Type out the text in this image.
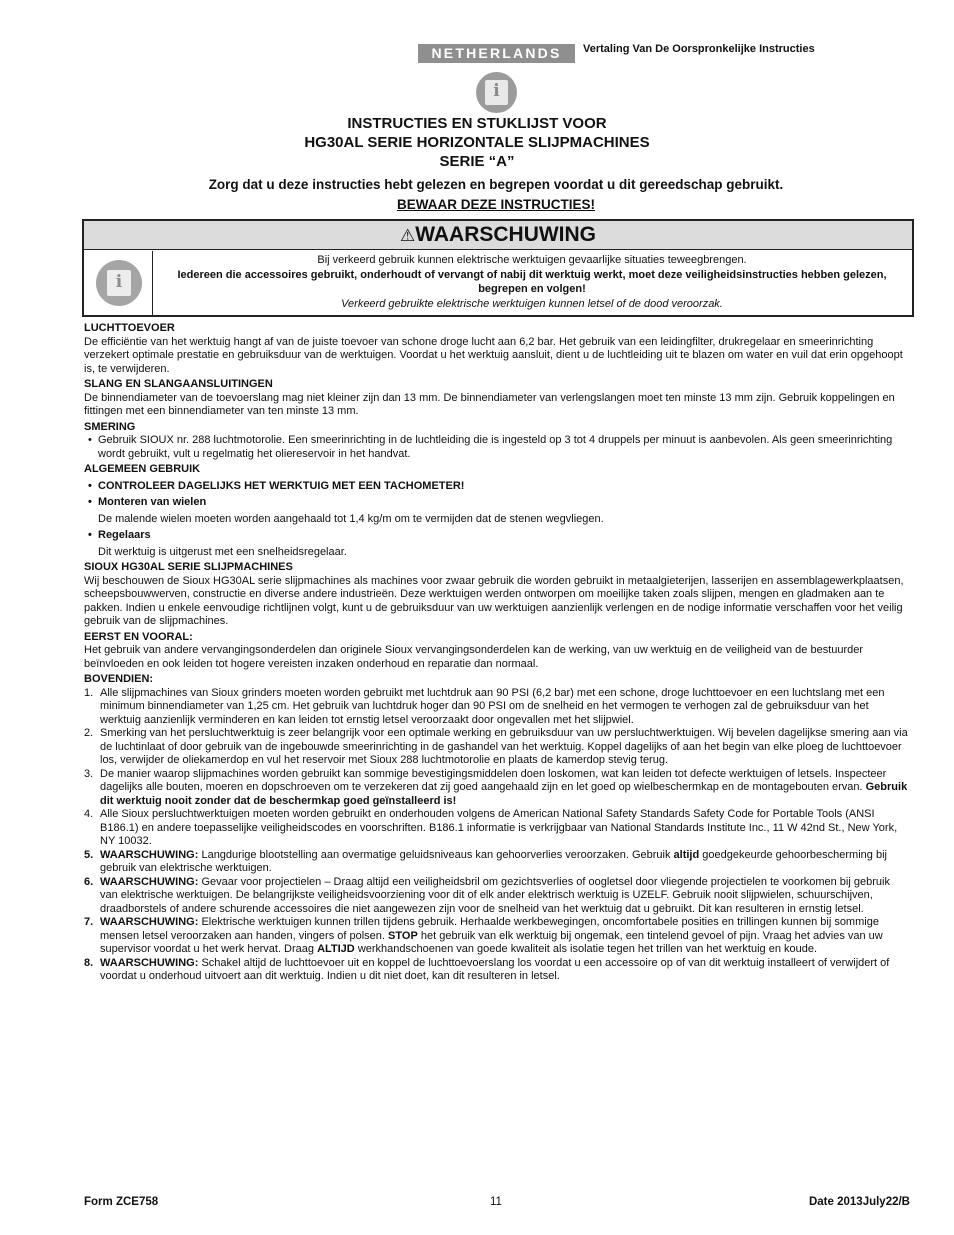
NETHERLANDS	Vertaling Van De Oorspronkelijke Instructies
i
INSTRUCTIES EN STUKLIJST VOOR
HG30AL SERIE HORIZONTALE SLIJPMACHINES
SERIE “A”
Zorg dat u deze instructies hebt gelezen en begrepen voordat u dit gereedschap gebruikt.
BEWAAR DEZE INSTRUCTIES!
⚠WAARSCHUWING
i
Bij verkeerd gebruik kunnen elektrische werktuigen gevaarlijke situaties teweegbrengen.
Iedereen die accessoires gebruikt, onderhoudt of vervangt of nabij dit werktuig werkt, moet deze veiligheidsinstructies hebben gelezen, begrepen en volgen!
Verkeerd gebruikte elektrische werktuigen kunnen letsel of de dood veroorzak.

LUCHTTOEVOER

De efficiëntie van het werktuig hangt af van de juiste toevoer van schone droge lucht aan 6,2 bar. Het gebruik van een leidingfilter, drukregelaar en smeerinrichting verzekert optimale prestatie en gebruiksduur van de werktuigen. Voordat u het werktuig aansluit, dient u de luchtleiding uit te blazen om water en vuil dat erin opgehoopt is, te verwijderen.

SLANG EN SLANGAANSLUITINGEN

De binnendiameter van de toevoerslang mag niet kleiner zijn dan 13 mm. De binnendiameter van verlengslangen moet ten minste 13 mm zijn. Gebruik koppelingen en fittingen met een binnendiameter van ten minste 13 mm.

SMERING

• Gebruik SIOUX nr. 288 luchtmotorolie. Een smeerinrichting in de luchtleiding die is ingesteld op 3 tot 4 druppels per minuut is aanbevolen. Als geen smeerinrichting wordt gebruikt, vult u regelmatig het oliereservoir in het handvat.

ALGEMEEN GEBRUIK

• CONTROLEER DAGELIJKS HET WERKTUIG MET EEN TACHOMETER!

• Monteren van wielen

De malende wielen moeten worden aangehaald tot 1,4 kg/m om te vermijden dat de stenen wegvliegen.

• Regelaars

Dit werktuig is uitgerust met een snelheidsregelaar.

SIOUX HG30AL SERIE SLIJPMACHINES

Wij beschouwen de Sioux HG30AL serie slijpmachines als machines voor zwaar gebruik die worden gebruikt in metaalgieterijen, lasserijen en assemblagewerkplaatsen, scheepsbouwwerven, constructie en diverse andere industrieën. Deze werktuigen werden ontworpen om moeilijke taken zoals slijpen, mengen en gladmaken aan te pakken. Indien u enkele eenvoudige richtlijnen volgt, kunt u de gebruiksduur van uw werktuigen aanzienlijk verlengen en de nodige informatie verschaffen voor het veilig gebruik van de slijpmachines.

EERST EN VOORAL:

Het gebruik van andere vervangingsonderdelen dan originele Sioux vervangingsonderdelen kan de werking, van uw werktuig en de veiligheid van de bestuurder beïnvloeden en ook leiden tot hogere vereisten inzaken onderhoud en reparatie dan normaal.

BOVENDIEN:

1. Alle slijpmachines van Sioux grinders moeten worden gebruikt met luchtdruk aan 90 PSI (6,2 bar) met een schone, droge luchttoevoer en een luchtslang met een minimum binnendiameter van 1,25 cm. Het gebruik van luchtdruk hoger dan 90 PSI om de snelheid en het vermogen te verhogen zal de gebruiksduur van het werktuig aanzienlijk verminderen en kan leiden tot ernstig letsel veroorzaakt door ongevallen met het slijpwiel.

2. Smerking van het persluchtwerktuig is zeer belangrijk voor een optimale werking en gebruiksduur van uw persluchtwerktuigen. Wij bevelen dagelijkse smering aan via de luchtinlaat of door gebruik van de ingebouwde smeerinrichting in de gashandel van het werktuig. Koppel dagelijks of aan het begin van elke ploeg de luchttoevoer los, verwijder de oliekamerdop en vul het reservoir met Sioux 288 luchtmotorolie en plaats de kamerdop stevig terug.

3. De manier waarop slijpmachines worden gebruikt kan sommige bevestigingsmiddelen doen loskomen, wat kan leiden tot defecte werktuigen of letsels. Inspecteer dagelijks alle bouten, moeren en dopschroeven om te verzekeren dat zij goed aangehaald zijn en let goed op wielbeschermkap en de montagebouten ervan. Gebruik dit werktuig nooit zonder dat de beschermkap goed geïnstalleerd is!

4. Alle Sioux persluchtwerktuigen moeten worden gebruikt en onderhouden volgens de American National Safety Standards Safety Code for Portable Tools (ANSI B186.1) en andere toepasselijke veiligheidscodes en voorschriften. B186.1 informatie is verkrijgbaar van National Standards Institute Inc., 11 W 42nd St., New York, NY 10032.

5. WAARSCHUWING: Langdurige blootstelling aan overmatige geluidsniveaus kan gehoorverlies veroorzaken. Gebruik altijd goedgekeurde gehoorbescherming bij gebruik van elektrische werktuigen.

6. WAARSCHUWING: Gevaar voor projectielen – Draag altijd een veiligheidsbril om gezichtsverlies of oogletsel door vliegende projectielen te voorkomen bij gebruik van elektrische werktuigen. De belangrijkste veiligheidsvoorziening voor dit of elk ander elektrisch werktuig is UZELF. Gebruik nooit slijpwielen, schuurschijven, draadborstels of andere schurende accessoires die niet aangewezen zijn voor de snelheid van het werktuig dat u gebruikt. Dit kan resulteren in ernstig letsel.

7. WAARSCHUWING: Elektrische werktuigen kunnen trillen tijdens gebruik. Herhaalde werkbewegingen, oncomfortabele posities en trillingen kunnen bij sommige mensen letsel veroorzaken aan handen, vingers of polsen. STOP het gebruik van elk werktuig bij ongemak, een tintelend gevoel of pijn. Vraag het advies van uw supervisor voordat u het werk hervat. Draag ALTIJD werkhandschoenen van goede kwaliteit als isolatie tegen het trillen van het werktuig en koude.

8. WAARSCHUWING: Schakel altijd de luchttoevoer uit en koppel de luchttoevoerslang los voordat u een accessoire op of van dit werktuig installeert of verwijdert of voordat u onderhoud uitvoert aan dit werktuig. Indien u dit niet doet, kan dit resulteren in letsel.

Form ZCE758	11	Date 2013July22/B
